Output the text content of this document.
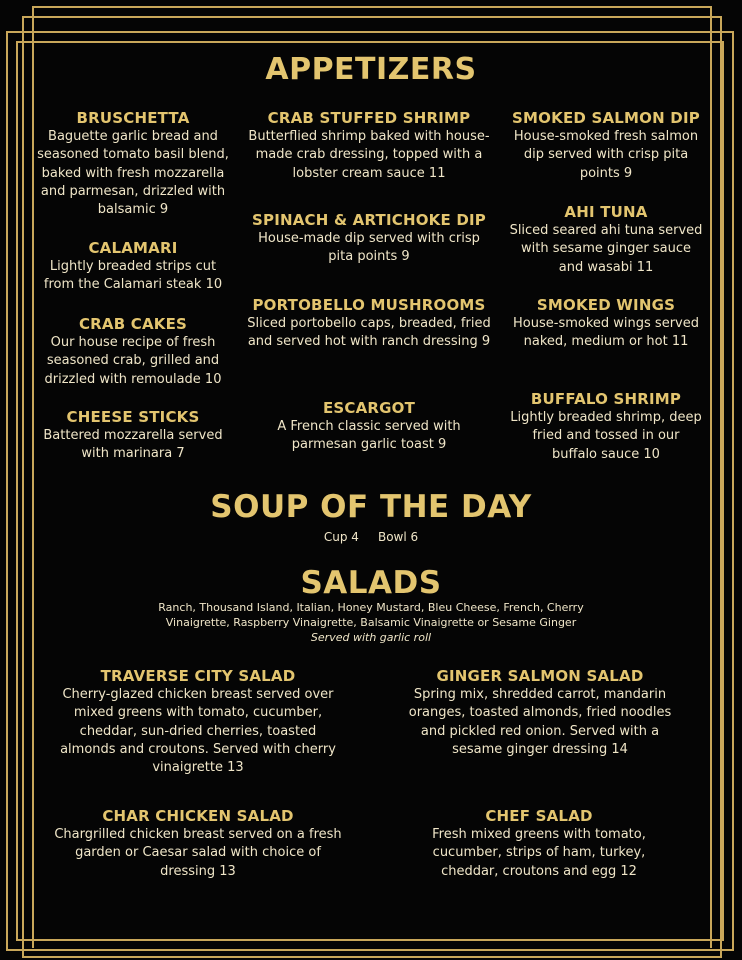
APPETIZERS
BRUSCHETTA
Baguette garlic bread and seasoned tomato basil blend, baked with fresh mozzarella and parmesan, drizzled with balsamic 9
CALAMARI
Lightly breaded strips cut from the Calamari steak 10
CRAB CAKES
Our house recipe of fresh seasoned crab, grilled and drizzled with remoulade 10
CHEESE STICKS
Battered mozzarella served with marinara 7
CRAB STUFFED SHRIMP
Butterflied shrimp baked with house-made crab dressing, topped with a lobster cream sauce 11
SPINACH & ARTICHOKE DIP
House-made dip served with crisp pita points 9
PORTOBELLO MUSHROOMS
Sliced portobello caps, breaded, fried and served hot with ranch dressing 9
ESCARGOT
A French classic served with parmesan garlic toast 9
SMOKED SALMON DIP
House-smoked fresh salmon dip served with crisp pita points 9
AHI TUNA
Sliced seared ahi tuna served with sesame ginger sauce and wasabi 11
SMOKED WINGS
House-smoked wings served naked, medium or hot 11
BUFFALO SHRIMP
Lightly breaded shrimp, deep fried and tossed in our buffalo sauce 10
SOUP OF THE DAY
Cup 4     Bowl 6
SALADS
Ranch, Thousand Island, Italian, Honey Mustard, Bleu Cheese, French, Cherry
Vinaigrette, Raspberry Vinaigrette, Balsamic Vinaigrette or Sesame Ginger
Served with garlic roll
TRAVERSE CITY SALAD
Cherry-glazed chicken breast served over mixed greens with tomato, cucumber, cheddar, sun-dried cherries, toasted almonds and croutons. Served with cherry vinaigrette 13
GINGER SALMON SALAD
Spring mix, shredded carrot, mandarin oranges, toasted almonds, fried noodles and pickled red onion. Served with a sesame ginger dressing 14
CHAR CHICKEN SALAD
Chargrilled chicken breast served on a fresh garden or Caesar salad with choice of dressing 13
CHEF SALAD
Fresh mixed greens with tomato, cucumber, strips of ham, turkey, cheddar, croutons and egg 12
